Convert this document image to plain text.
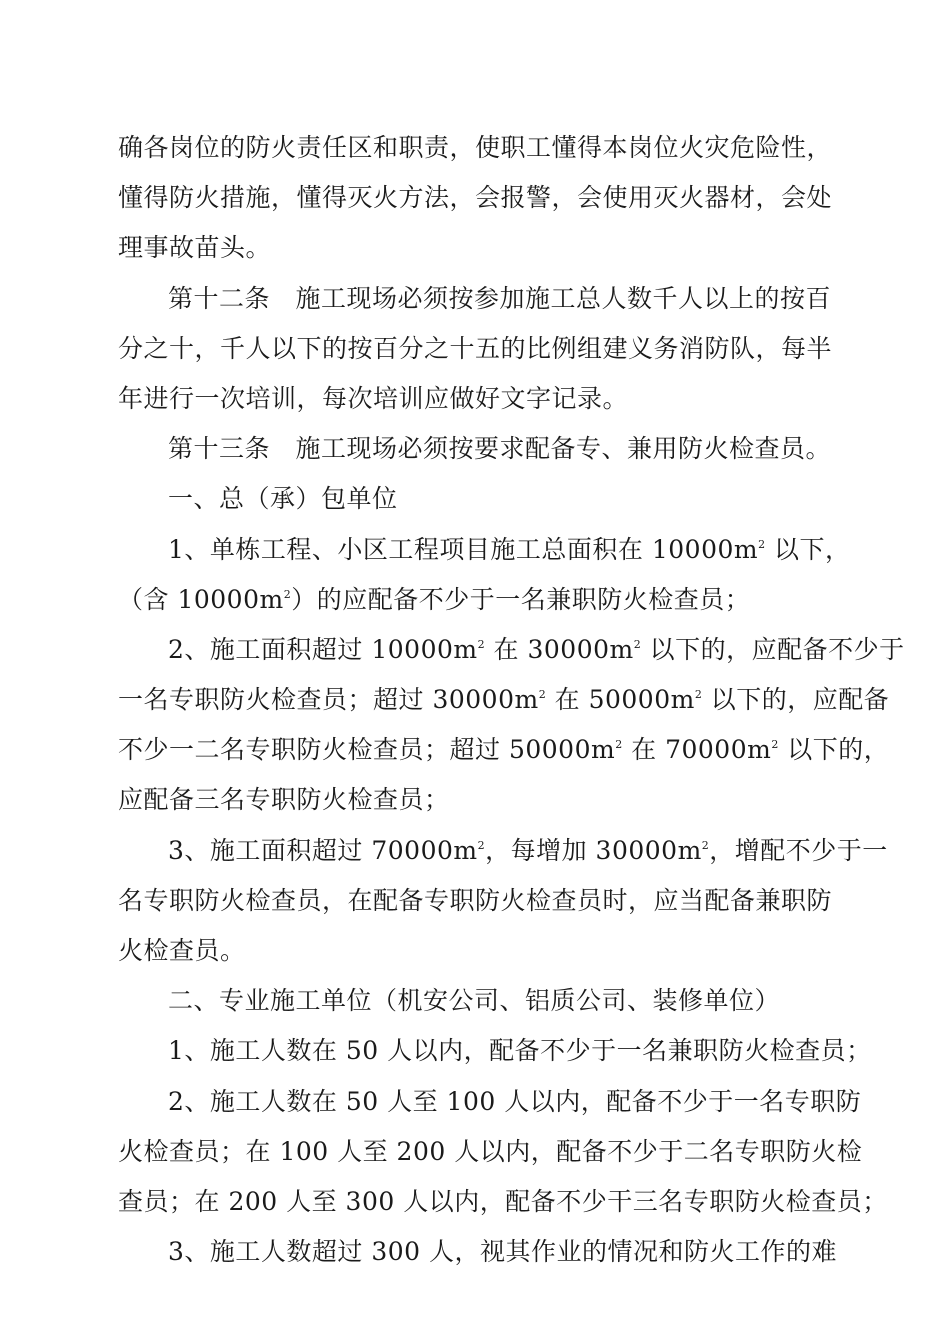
确各岗位的防火责任区和职责，使职工懂得本岗位火灾危险性，
懂得防火措施，懂得灭火方法，会报警，会使用灭火器材，会处
理事故苗头。
第十二条　施工现场必须按参加施工总人数千人以上的按百
分之十，千人以下的按百分之十五的比例组建义务消防队，每半
年进行一次培训，每次培训应做好文字记录。
第十三条　施工现场必须按要求配备专、兼用防火检查员。
一、总（承）包单位
1、单栋工程、小区工程项目施工总面积在 $10000m^2$ 以下，
（含 $10000m^2$）的应配备不少于一名兼职防火检查员；
2、施工面积超过 $10000m^2$ 在 $30000m^2$ 以下的，应配备不少于
一名专职防火检查员；超过 $30000m^2$ 在 $50000m^2$ 以下的，应配备
不少一二名专职防火检查员；超过 $50000m^2$ 在 $70000m^2$ 以下的，
应配备三名专职防火检查员；
3、施工面积超过 $70000m^2$，每增加 $30000m^2$，增配不少于一
名专职防火检查员，在配备专职防火检查员时，应当配备兼职防
火检查员。
二、专业施工单位（机安公司、铝质公司、装修单位）
1、施工人数在 50 人以内，配备不少于一名兼职防火检查员；
2、施工人数在 50 人至 100 人以内，配备不少于一名专职防
火检查员；在 100 人至 200 人以内，配备不少于二名专职防火检
查员；在 200 人至 300 人以内，配备不少干三名专职防火检查员；
3、施工人数超过 300 人，视其作业的情况和防火工作的难
